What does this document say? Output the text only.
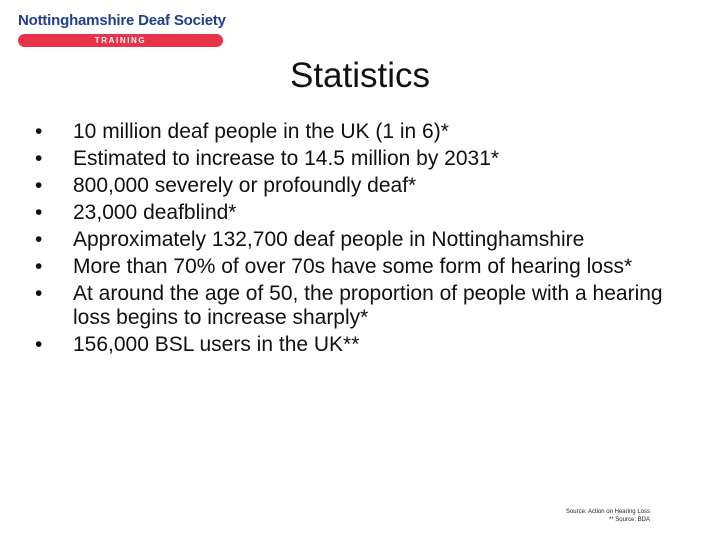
Nottinghamshire Deaf Society
TRAINING
Statistics
•	10 million deaf people in the UK (1 in 6)*
•	Estimated to increase to 14.5 million by 2031*
•	800,000 severely or profoundly deaf*
•	23,000 deafblind*
•	Approximately 132,700 deaf people in Nottinghamshire
•	More than 70% of over 70s have some form of hearing loss*
•	At around the age of 50, the proportion of people with a hearing loss begins to increase sharply*
•	156,000 BSL users in the UK**
Source: Action on Hearing Loss
** Source: BDA
